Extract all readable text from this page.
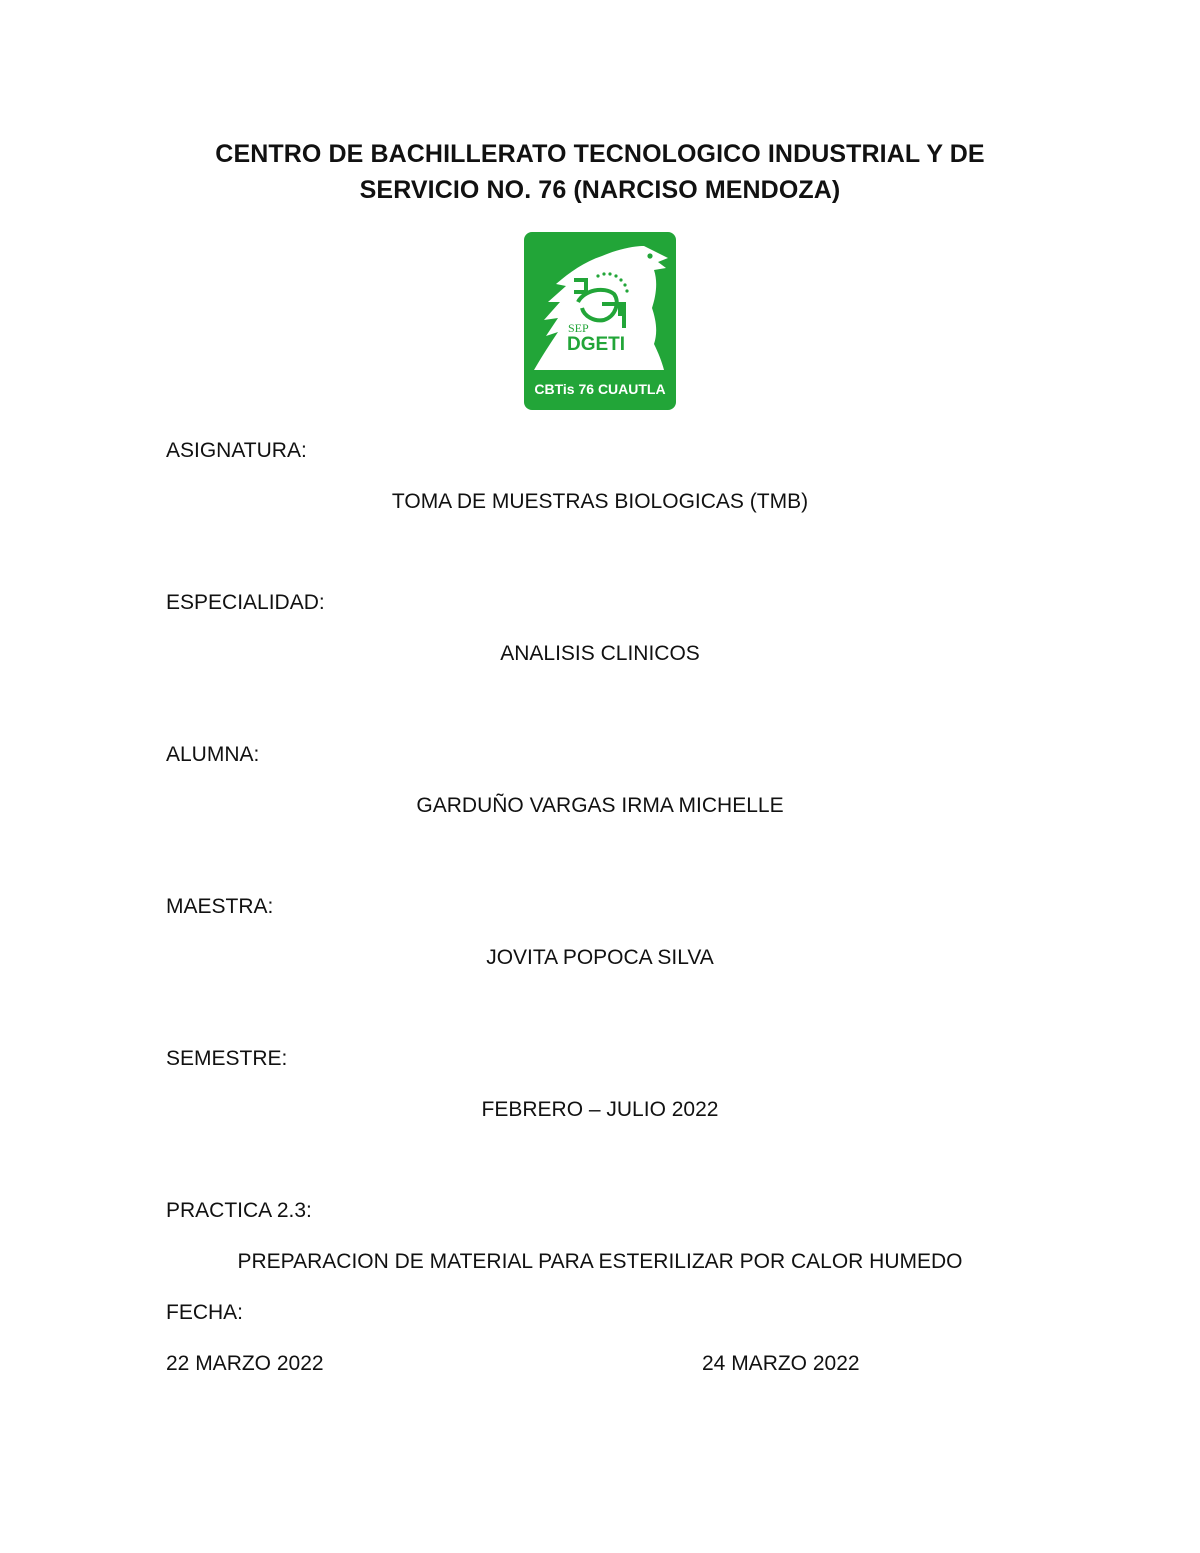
CENTRO DE BACHILLERATO TECNOLOGICO INDUSTRIAL Y DE
SERVICIO NO. 76 (NARCISO MENDOZA)
SEP
DGETI
CBTis 76 CUAUTLA
ASIGNATURA:
TOMA DE MUESTRAS BIOLOGICAS (TMB)
ESPECIALIDAD:
ANALISIS CLINICOS
ALUMNA:
GARDUÑO VARGAS IRMA MICHELLE
MAESTRA:
JOVITA POPOCA SILVA
SEMESTRE:
FEBRERO – JULIO 2022
PRACTICA 2.3:
PREPARACION DE MATERIAL PARA ESTERILIZAR POR CALOR HUMEDO
FECHA:
22 MARZO 2022	24 MARZO 2022
